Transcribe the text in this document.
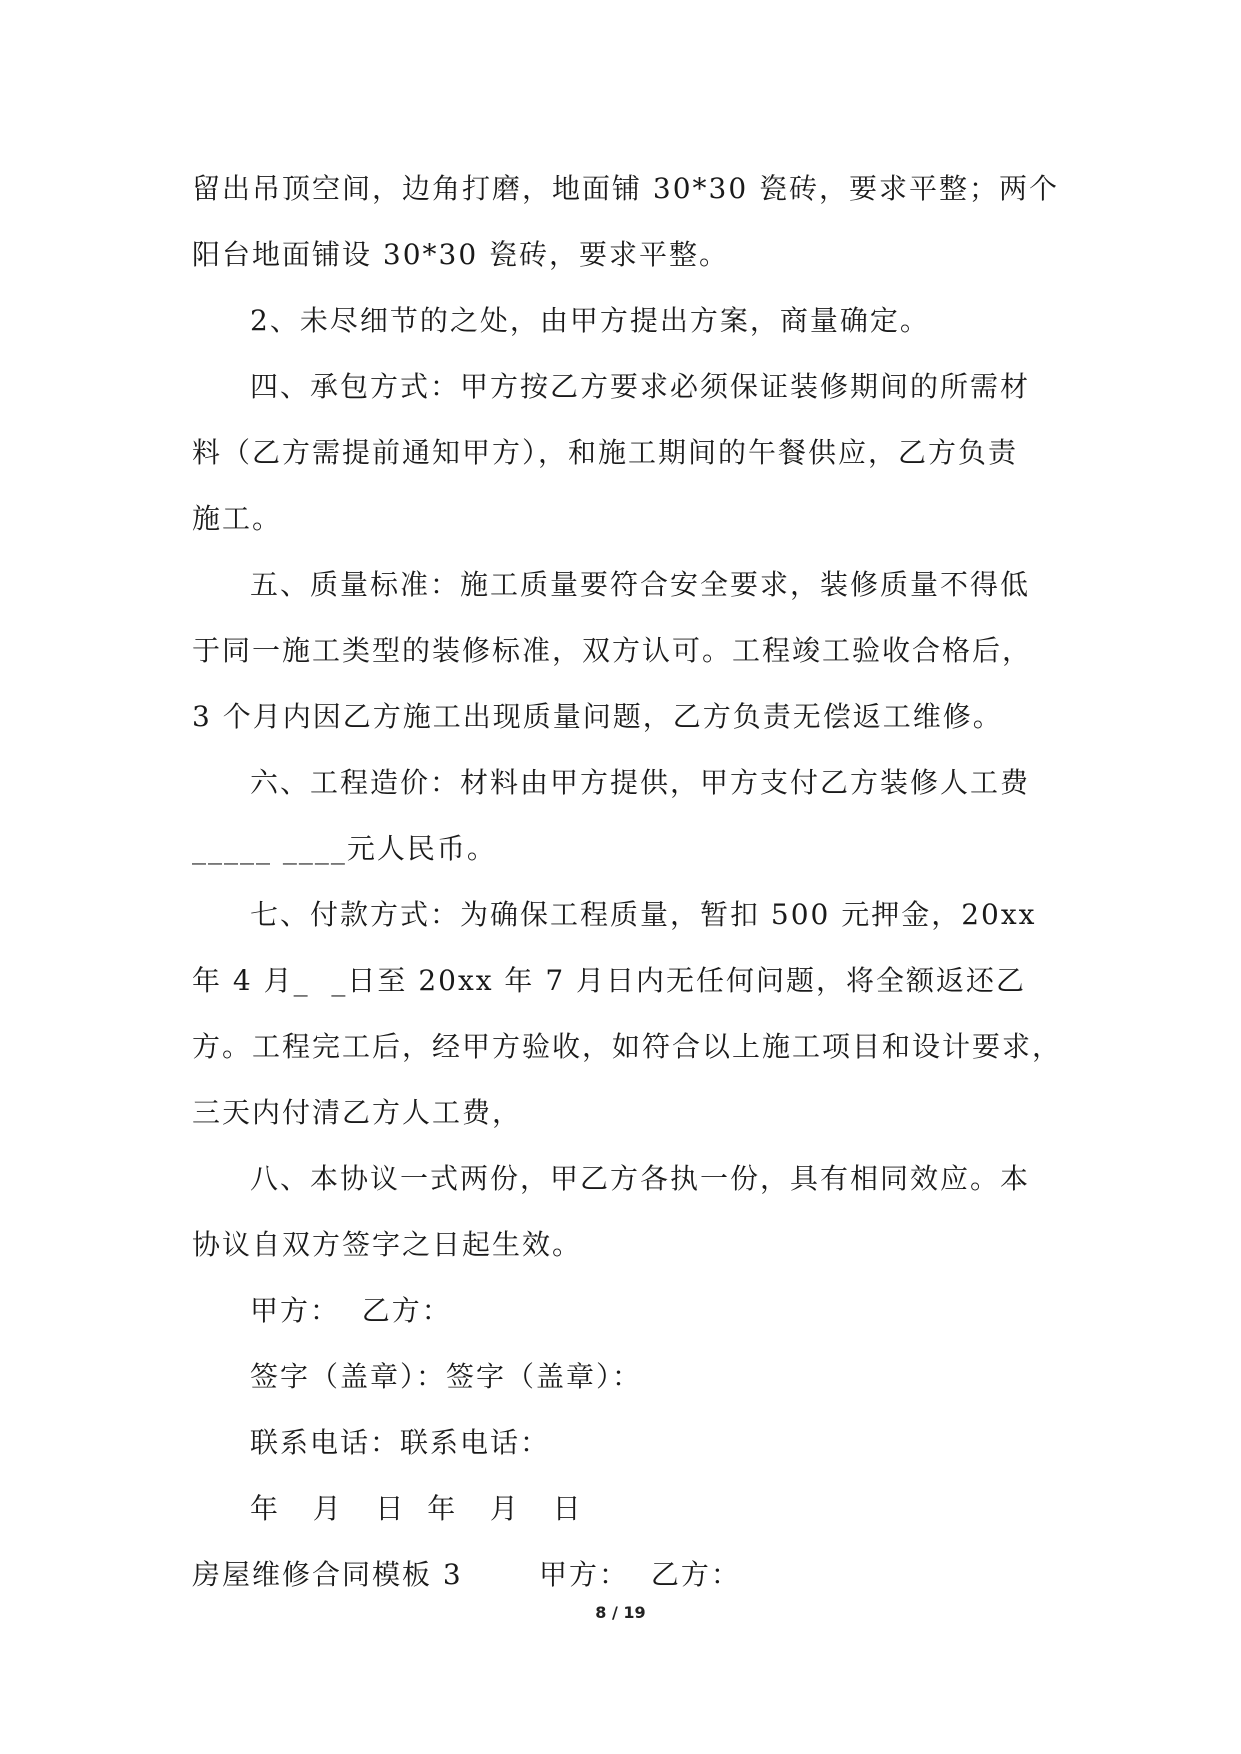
留出吊顶空间，边角打磨，地面铺 30*30 瓷砖，要求平整；两个
阳台地面铺设 30*30 瓷砖，要求平整。
2、未尽细节的之处，由甲方提出方案，商量确定。
四、承包方式：甲方按乙方要求必须保证装修期间的所需材
料（乙方需提前通知甲方），和施工期间的午餐供应，乙方负责
施工。
五、质量标准：施工质量要符合安全要求，装修质量不得低
于同一施工类型的装修标准，双方认可。工程竣工验收合格后，
3 个月内因乙方施工出现质量问题，乙方负责无偿返工维修。
六、工程造价：材料由甲方提供，甲方支付乙方装修人工费
_____ ____元人民币。
七、付款方式：为确保工程质量，暂扣 500 元押金，20xx
年 4 月_  _日至 20xx 年 7 月日内无任何问题，将全额返还乙
方。工程完工后，经甲方验收，如符合以上施工项目和设计要求，
三天内付清乙方人工费，
八、本协议一式两份，甲乙方各执一份，具有相同效应。本
协议自双方签字之日起生效。
甲方：  乙方：
签字（盖章）：签字（盖章）：
联系电话：联系电话：
年   月   日  年   月   日
房屋维修合同模板 3       甲方：  乙方：
8 / 19
